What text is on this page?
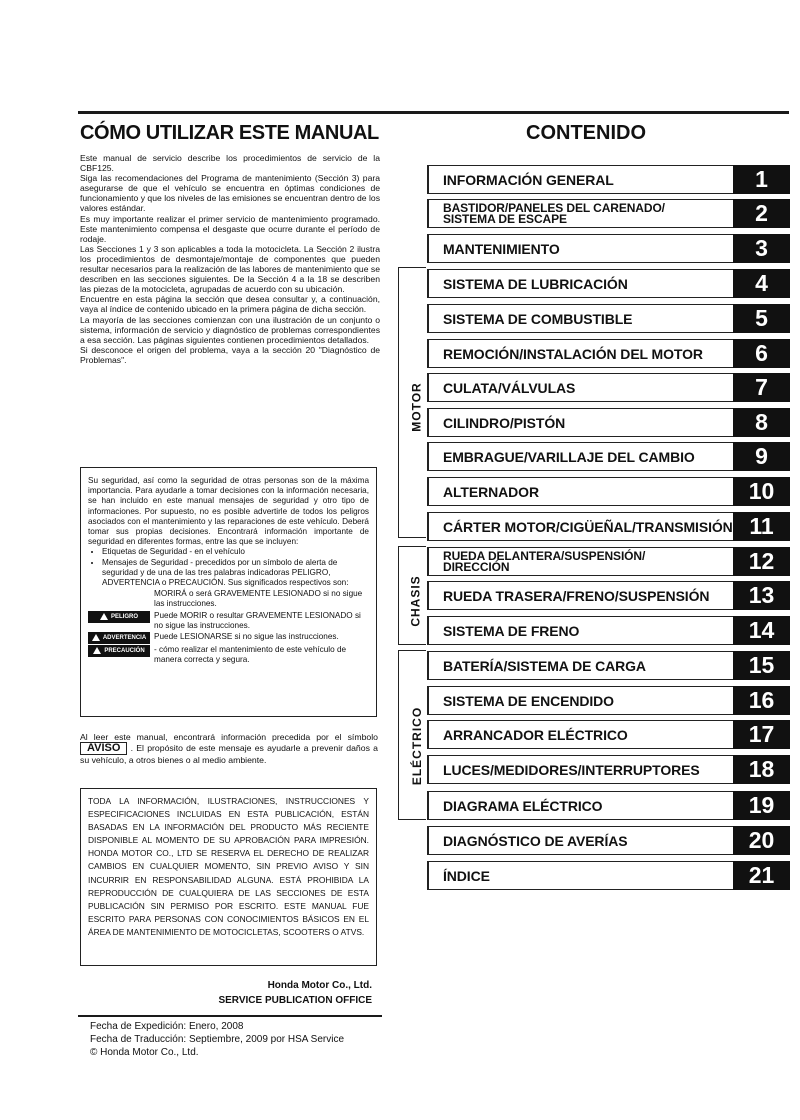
CÓMO UTILIZAR ESTE MANUAL	CONTENIDO

Este manual de servicio describe los procedimientos de servicio de la CBF125.

Siga las recomendaciones del Programa de mantenimiento (Sección 3) para asegurarse de que el vehículo se encuentra en óptimas condiciones de funcionamiento y que los niveles de las emisiones se encuentran dentro de los valores estándar.

Es muy importante realizar el primer servicio de mantenimiento programado. Este mantenimiento compensa el desgaste que ocurre durante el período de rodaje.

Las Secciones 1 y 3 son aplicables a toda la motocicleta. La Sección 2 ilustra los procedimientos de desmontaje/montaje de componentes que pueden resultar necesarios para la realización de las labores de mantenimiento que se describen en las secciones siguientes. De la Sección 4 a la 18 se describen las piezas de la motocicleta, agrupadas de acuerdo con su ubicación.

Encuentre en esta página la sección que desea consultar y, a continuación, vaya al índice de contenido ubicado en la primera página de dicha sección.

La mayoría de las secciones comienzan con una ilustración de un conjunto o sistema, información de servicio y diagnóstico de problemas correspondientes a esa sección. Las páginas siguientes contienen procedimientos detallados.

Si desconoce el origen del problema, vaya a la sección 20 "Diagnóstico de Problemas".

Su seguridad, así como la seguridad de otras personas son de la máxima importancia. Para ayudarle a tomar decisiones con la información necesaria, se han incluido en este manual mensajes de seguridad y otro tipo de informaciones. Por supuesto, no es posible advertirle de todos los peligros asociados con el mantenimiento y las reparaciones de este vehículo. Deberá tomar sus propias decisiones. Encontrará información importante de seguridad en diferentes formas, entre las que se incluyen:

• Etiquetas de Seguridad - en el vehículo
• Mensajes de Seguridad - precedidos por un símbolo de alerta de seguridad y de una de las tres palabras indicadoras PELIGRO, ADVERTENCIA o PRECAUCIÓN. Sus significados respectivos son:
MORIRÁ o será GRAVEMENTE LESIONADO si no sigue las instrucciones.
PELIGRO	Puede MORIR o resultar GRAVEMENTE LESIONADO si no sigue las instrucciones.
ADVERTENCIA Puede LESIONARSE si no sigue las instrucciones.
PRECAUCIÓN	- cómo realizar el mantenimiento de este vehículo de manera correcta y segura.

Al leer este manual, encontrará información precedida por el símbolo AVISO . El propósito de este mensaje es ayudarle a prevenir daños a su vehículo, a otros bienes o al medio ambiente.

TODA LA INFORMACIÓN, ILUSTRACIONES, INSTRUCCIONES Y ESPECIFICACIONES INCLUIDAS EN ESTA PUBLICACIÓN, ESTÁN BASADAS EN LA INFORMACIÓN DEL PRODUCTO MÁS RECIENTE DISPONIBLE AL MOMENTO DE SU APROBACIÓN PARA IMPRESIÓN. HONDA MOTOR CO., LTD SE RESERVA EL DERECHO DE REALIZAR CAMBIOS EN CUALQUIER MOMENTO, SIN PREVIO AVISO Y SIN INCURRIR EN RESPONSABILIDAD ALGUNA. ESTÁ PROHIBIDA LA REPRODUCCIÓN DE CUALQUIERA DE LAS SECCIONES DE ESTA PUBLICACIÓN SIN PERMISO POR ESCRITO. ESTE MANUAL FUE ESCRITO PARA PERSONAS CON CONOCIMIENTOS BÁSICOS EN EL ÁREA DE MANTENIMIENTO DE MOTOCICLETAS, SCOOTERS O ATVS.
Honda Motor Co., Ltd.
SERVICE PUBLICATION OFFICE
Fecha de Expedición: Enero, 2008
Fecha de Traducción: Septiembre, 2009 por HSA Service
© Honda Motor Co., Ltd.
MOTOR
CHASIS
ELÉCTRICO
INFORMACIÓN GENERAL	1
BASTIDOR/PANELES DEL CARENADO/
SISTEMA DE ESCAPE	2
MANTENIMIENTO	3
SISTEMA DE LUBRICACIÓN	4
SISTEMA DE COMBUSTIBLE	5
REMOCIÓN/INSTALACIÓN DEL MOTOR	6
CULATA/VÁLVULAS	7
CILINDRO/PISTÓN	8
EMBRAGUE/VARILLAJE DEL CAMBIO	9
ALTERNADOR	10
CÁRTER MOTOR/CIGÜEÑAL/TRANSMISIÓN 11
RUEDA DELANTERA/SUSPENSIÓN/
DIRECCIÓN	12
RUEDA TRASERA/FRENO/SUSPENSIÓN	13
SISTEMA DE FRENO	14
BATERÍA/SISTEMA DE CARGA	15
SISTEMA DE ENCENDIDO	16
ARRANCADOR ELÉCTRICO	17
LUCES/MEDIDORES/INTERRUPTORES	18
DIAGRAMA ELÉCTRICO	19
DIAGNÓSTICO DE AVERÍAS	20
ÍNDICE	21
